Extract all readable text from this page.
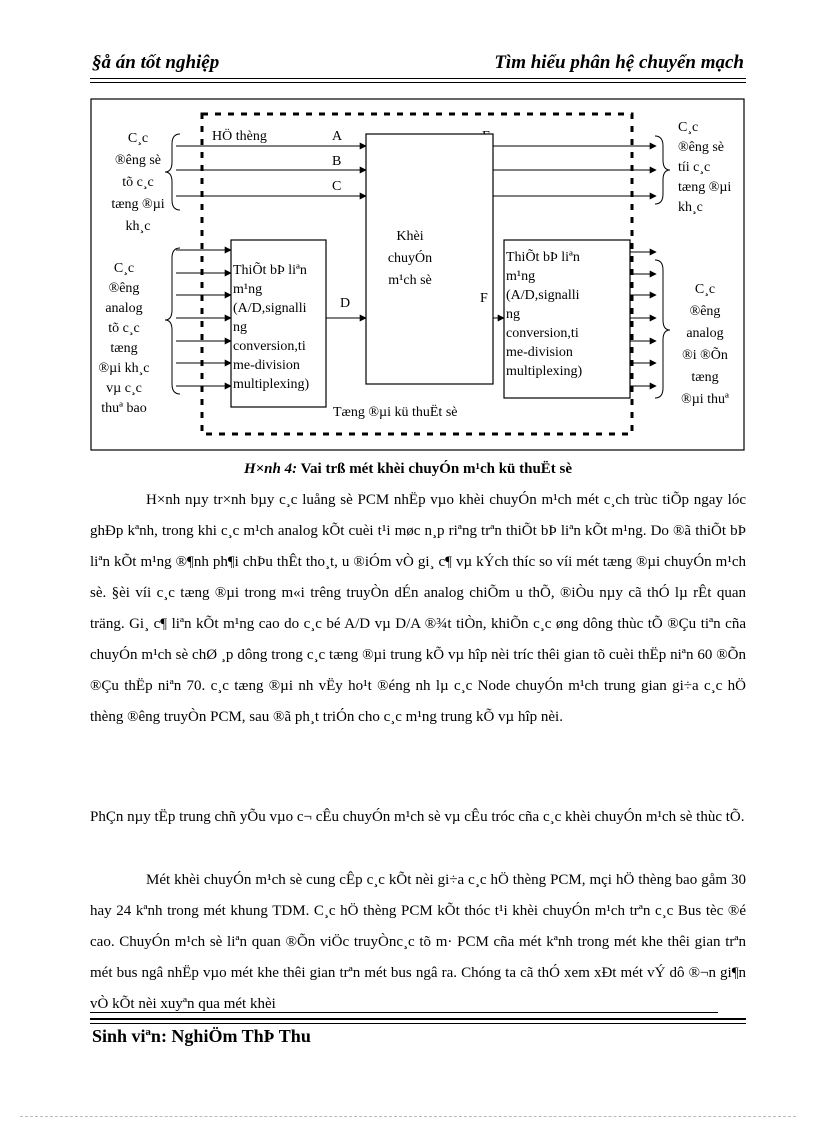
§å án tốt nghiệp	Tìm hiểu phân hệ chuyển mạch
C¸c
®êng sè
tõ c¸c
tæng ®µi
kh¸c
C¸c
®êng
analog
tõ c¸c
tæng
®µi kh¸c
vµ c¸c
thuª bao
C¸c
®êng sè
tíi c¸c
tæng ®µi
kh¸c
C¸c
®êng
analog
®i ®Õn
tæng
®µi thuª
HÖ thèng	A
B
C
Khèi
chuyÓn
m¹ch sè
ThiÕt bÞ liªn
m¹ng
(A/D,signalli
ng
conversion,ti
me-division
multiplexing)
ThiÕt bÞ liªn
m¹ng
(A/D,signalli
ng
conversion,ti
me-division
multiplexing)
D	F
Tæng ®µi kü thuËt sè
H×nh 4: Vai trß mét khèi chuyÓn m¹ch kü thuËt sè
H×nh nµy tr×nh bµy c¸c luång sè PCM nhËp vµo khèi chuyÓn m¹ch mét c¸ch trùc tiÕp ngay lóc ghÐp kªnh, trong khi c¸c m¹ch analog kÕt cuèi t¹i møc n¸p riªng trªn thiÕt bÞ liªn kÕt m¹ng. Do ®ã thiÕt bÞ liªn kÕt m¹ng ®¶nh ph¶i chÞu thÊt tho¸t, u ®iÓm vÒ gi¸ c¶ vµ kÝch thíc so víi mét tæng ®µi chuyÓn m¹ch sè. §èi víi c¸c tæng ®µi trong m«i trêng truyÒn dÉn analog chiÕm u thÕ, ®iÒu nµy cã thÓ lµ rÊt quan träng. Gi¸ c¶ liªn kÕt m¹ng cao do c¸c bé A/D vµ D/A ®¾t tiÒn, khiÕn c¸c øng dông thùc tÕ ®Çu tiªn cña chuyÓn m¹ch sè chØ ¸p dông trong c¸c tæng ®µi trung kÕ vµ hîp nèi tríc thêi gian tõ cuèi thËp niªn 60 ®Õn ®Çu thËp niªn 70. c¸c tæng ®µi nh vËy ho¹t ®éng nh lµ c¸c Node chuyÓn m¹ch trung gian gi÷a c¸c hÖ thèng ®êng truyÒn PCM, sau ®ã ph¸t triÓn cho c¸c m¹ng trung kÕ vµ hîp nèi.
PhÇn nµy tËp trung chñ yÕu vµo c¬ cÊu chuyÓn m¹ch sè vµ cÊu tróc cña c¸c khèi chuyÓn m¹ch sè thùc tÕ.
Mét khèi chuyÓn m¹ch sè cung cÊp c¸c kÕt nèi gi÷a c¸c hÖ thèng PCM, mçi hÖ thèng bao gåm 30 hay 24 kªnh trong mét khung TDM. C¸c hÖ thèng PCM kÕt thóc t¹i khèi chuyÓn m¹ch trªn c¸c Bus tèc ®é cao. ChuyÓn m¹ch sè liªn quan ®Õn viÖc truyÒnc¸c tõ m· PCM cña mét kªnh trong mét khe thêi gian trªn mét bus ngâ nhËp vµo mét khe thêi gian trªn mét bus ngâ ra. Chóng ta cã thÓ xem xÐt mét vÝ dô ®¬n gi¶n vÒ kÕt nèi xuyªn qua mét khèi
Sinh viªn: NghiÖm ThÞ Thu
